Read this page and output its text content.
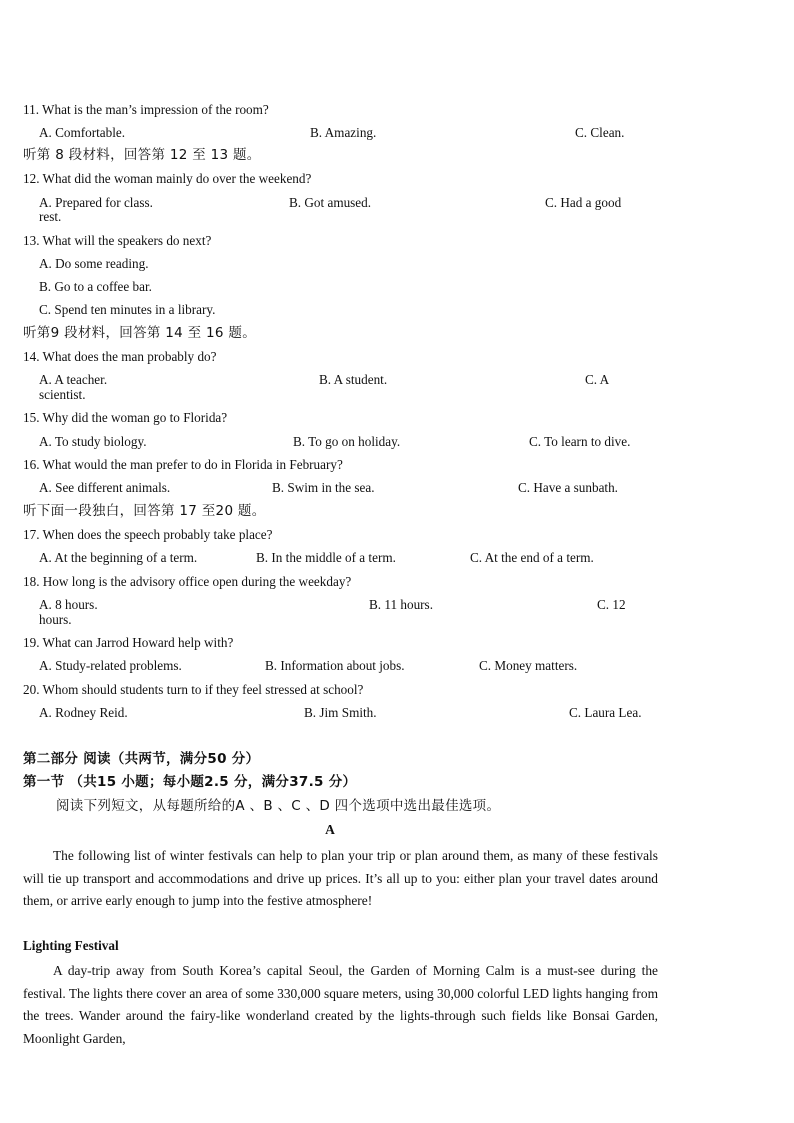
11. What is the man’s impression of the room?
A. Comfortable.	B. Amazing.	C. Clean.
听第 8 段材料，回答第 12 至 13 题。
12. What did the woman mainly do over the weekend?
A. Prepared for class.	B. Got amused.	C. Had a good
rest.
13. What will the speakers do next?
A. Do some reading.
B. Go to a coffee bar.
C. Spend ten minutes in a library.
听第9 段材料，回答第 14 至 16 题。
14. What does the man probably do?
A. A teacher.	B. A student.	C. A
scientist.
15. Why did the woman go to Florida?
A. To study biology.	B. To go on holiday.	C. To learn to dive.
16. What would the man prefer to do in Florida in February?
A. See different animals.	B. Swim in the sea.	C. Have a sunbath.
听下面一段独白，回答第 17 至20 题。
17. When does the speech probably take place?
A. At the beginning of a term.	B. In the middle of a term.	C. At the end of a term.
18. How long is the advisory office open during the weekday?
A. 8 hours.	B. 11 hours.	C. 12
hours.
19. What can Jarrod Howard help with?
A. Study-related problems.	B. Information about jobs.	C. Money matters.
20. Whom should students turn to if they feel stressed at school?
A. Rodney Reid.	B. Jim Smith.	C. Laura Lea.
第二部分 阅读（共两节，满分50 分）
第一节 （共15 小题；每小题2.5 分，满分37.5 分）
阅读下列短文，从每题所给的A 、B 、C 、D 四个选项中选出最佳选项。
A
The following list of winter festivals can help to plan your trip or plan around them, as many of these festivals will tie up transport and accommodations and drive up prices. It’s all up to you: either plan your travel dates around them, or arrive early enough to jump into the festive atmosphere!
Lighting Festival
A day-trip away from South Korea’s capital Seoul, the Garden of Morning Calm is a must-see during the festival. The lights there cover an area of some 330,000 square meters, using 30,000 colorful LED lights hanging from the trees. Wander around the fairy-like wonderland created by the lights-through such fields like Bonsai Garden, Moonlight Garden,
